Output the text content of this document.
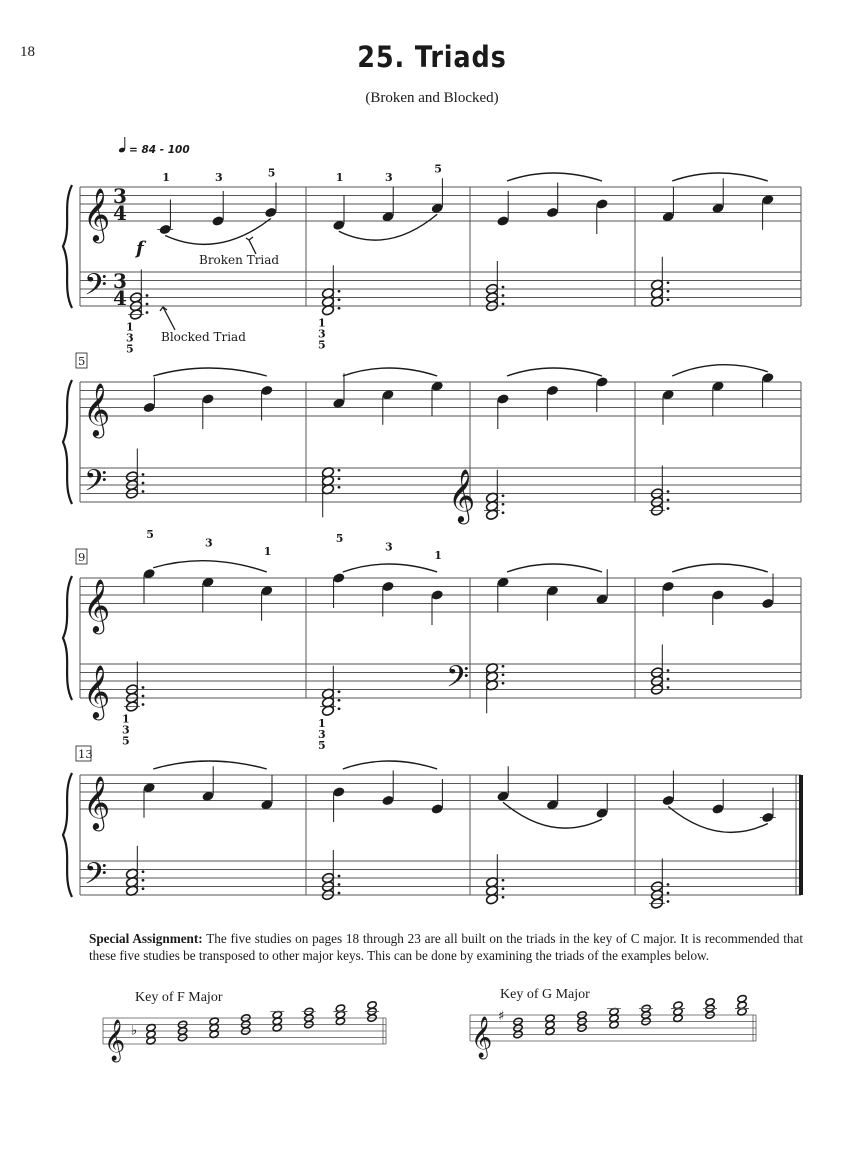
18	25. Triads
(Broken and Blocked)
= 84 - 100
𝄞
𝄢
3
4
3
4
f
1	3	5
1
3
5
1	3
5
1
3
5
𝄞
𝄢
5
𝄞
𝄞
𝄞
9
5
3
1
1
3
5
5
3
1
1
3
5
𝄢
𝄞
𝄢
13
Broken Triad
Blocked Triad
𝄞 ♭	𝄞
♯
Special Assignment: The five studies on pages 18 through 23 are all built on the triads in the key of C major. It is recommended that these five studies be transposed to other major keys. This can be done by examining the triads of the examples below.
Key of F Major	Key of G Major
